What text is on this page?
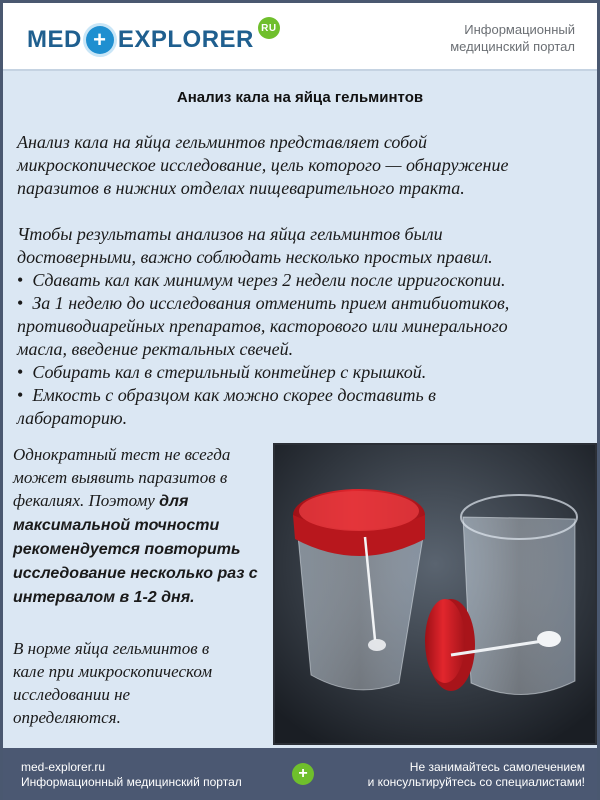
MED + EXPLORER RU	Информационный
медицинский портал
Анализ кала на яйца гельминтов
Анализ кала на яйца гельминтов представляет собой
микроскопическое исследование, цель которого — обнаружение
паразитов в нижних отделах пищеварительного тракта.
Чтобы результаты анализов на яйца гельминтов были
достоверными, важно соблюдать несколько простых правил.
•  Сдавать кал как минимум через 2 недели после ирригоскопии.
•  За 1 неделю до исследования отменить прием антибиотиков,
противодиарейных препаратов, касторового или минерального
масла, введение ректальных свечей.
•  Собирать кал в стерильный контейнер с крышкой.
•  Емкость с образцом как можно скорее доставить в
лабораторию.

Однократный тест не всегда
может выявить паразитов в
фекалиях. Поэтому для
максимальной точности
рекомендуется повторить
исследование несколько раз с
интервалом в 1-2 дня.

В норме яйца гельминтов в
кале при микроскопическом
исследовании не
определяются.

med-explorer.ru
Информационный медицинский портал	+	Не занимайтесь самолечением
и консультируйтесь со специалистами!
